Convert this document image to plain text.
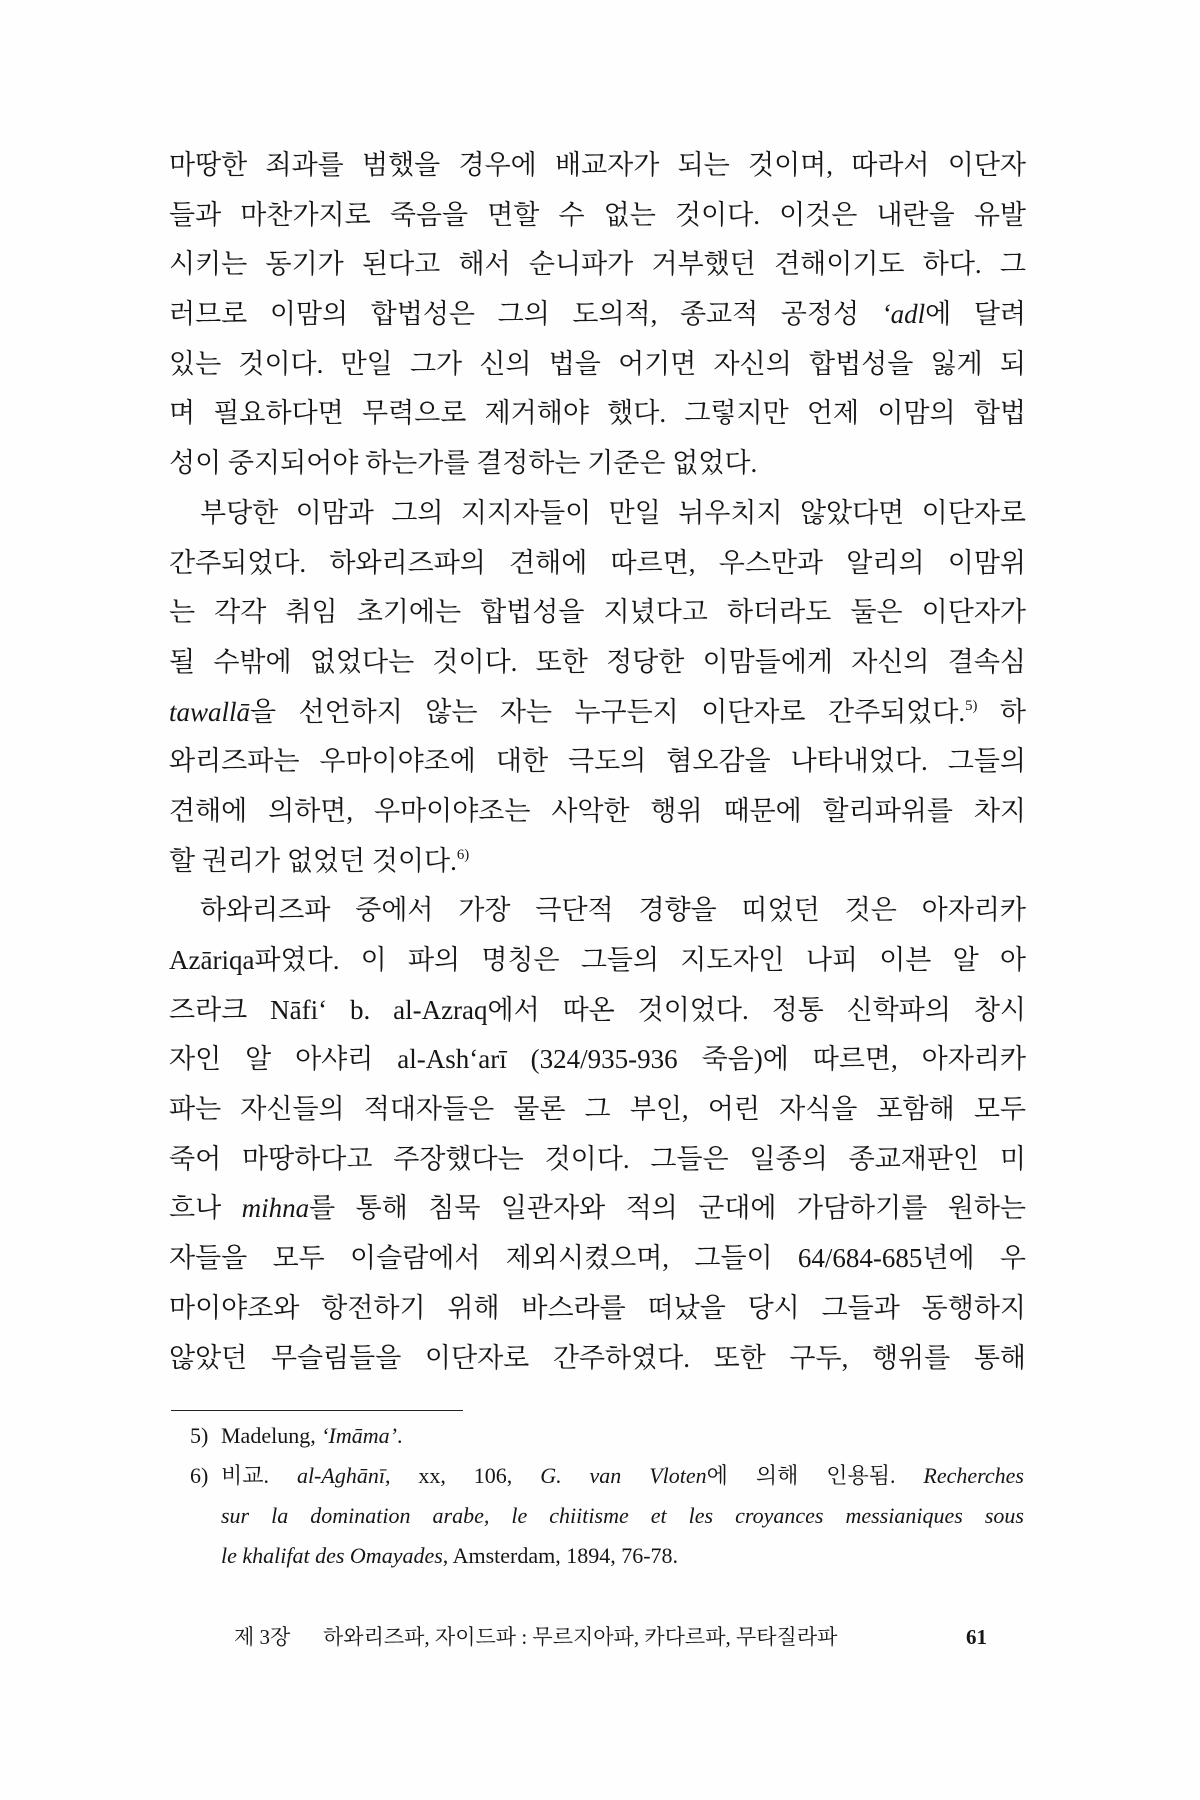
마땅한 죄과를 범했을 경우에 배교자가 되는 것이며, 따라서 이단자
들과 마찬가지로 죽음을 면할 수 없는 것이다. 이것은 내란을 유발
시키는 동기가 된다고 해서 순니파가 거부했던 견해이기도 하다. 그
러므로 이맘의 합법성은 그의 도의적, 종교적 공정성 ‘adl에 달려
있는 것이다. 만일 그가 신의 법을 어기면 자신의 합법성을 잃게 되
며 필요하다면 무력으로 제거해야 했다. 그렇지만 언제 이맘의 합법
성이 중지되어야 하는가를 결정하는 기준은 없었다.
부당한 이맘과 그의 지지자들이 만일 뉘우치지 않았다면 이단자로
간주되었다. 하와리즈파의 견해에 따르면, 우스만과 알리의 이맘위
는 각각 취임 초기에는 합법성을 지녔다고 하더라도 둘은 이단자가
될 수밖에 없었다는 것이다. 또한 정당한 이맘들에게 자신의 결속심
tawallā을 선언하지 않는 자는 누구든지 이단자로 간주되었다.$^{5)}$ 하
와리즈파는 우마이야조에 대한 극도의 혐오감을 나타내었다. 그들의
견해에 의하면, 우마이야조는 사악한 행위 때문에 할리파위를 차지
할 권리가 없었던 것이다.$^{6)}$
하와리즈파 중에서 가장 극단적 경향을 띠었던 것은 아자리카
Azāriqa파였다. 이 파의 명칭은 그들의 지도자인 나피 이븐 알 아
즈라크 Nāfi‘ b. al-Azraq에서 따온 것이었다. 정통 신학파의 창시
자인 알 아샤리 al-Ash‘arī (324/935-936 죽음)에 따르면, 아자리카
파는 자신들의 적대자들은 물론 그 부인, 어린 자식을 포함해 모두
죽어 마땅하다고 주장했다는 것이다. 그들은 일종의 종교재판인 미
흐나 mihna를 통해 침묵 일관자와 적의 군대에 가담하기를 원하는
자들을 모두 이슬람에서 제외시켰으며, 그들이 64/684-685년에 우
마이야조와 항전하기 위해 바스라를 떠났을 당시 그들과 동행하지
않았던 무슬림들을 이단자로 간주하였다. 또한 구두, 행위를 통해
5) Madelung, ‘Imāma’.
6) 비교. al-Aghānī, xx, 106, G. van Vloten에 의해 인용됨. Recherches
sur la domination arabe, le chiitisme et les croyances messianiques sous
le khalifat des Omayades, Amsterdam, 1894, 76-78.
제 3장 하와리즈파, 자이드파 : 무르지아파, 카다르파, 무타질라파	61
